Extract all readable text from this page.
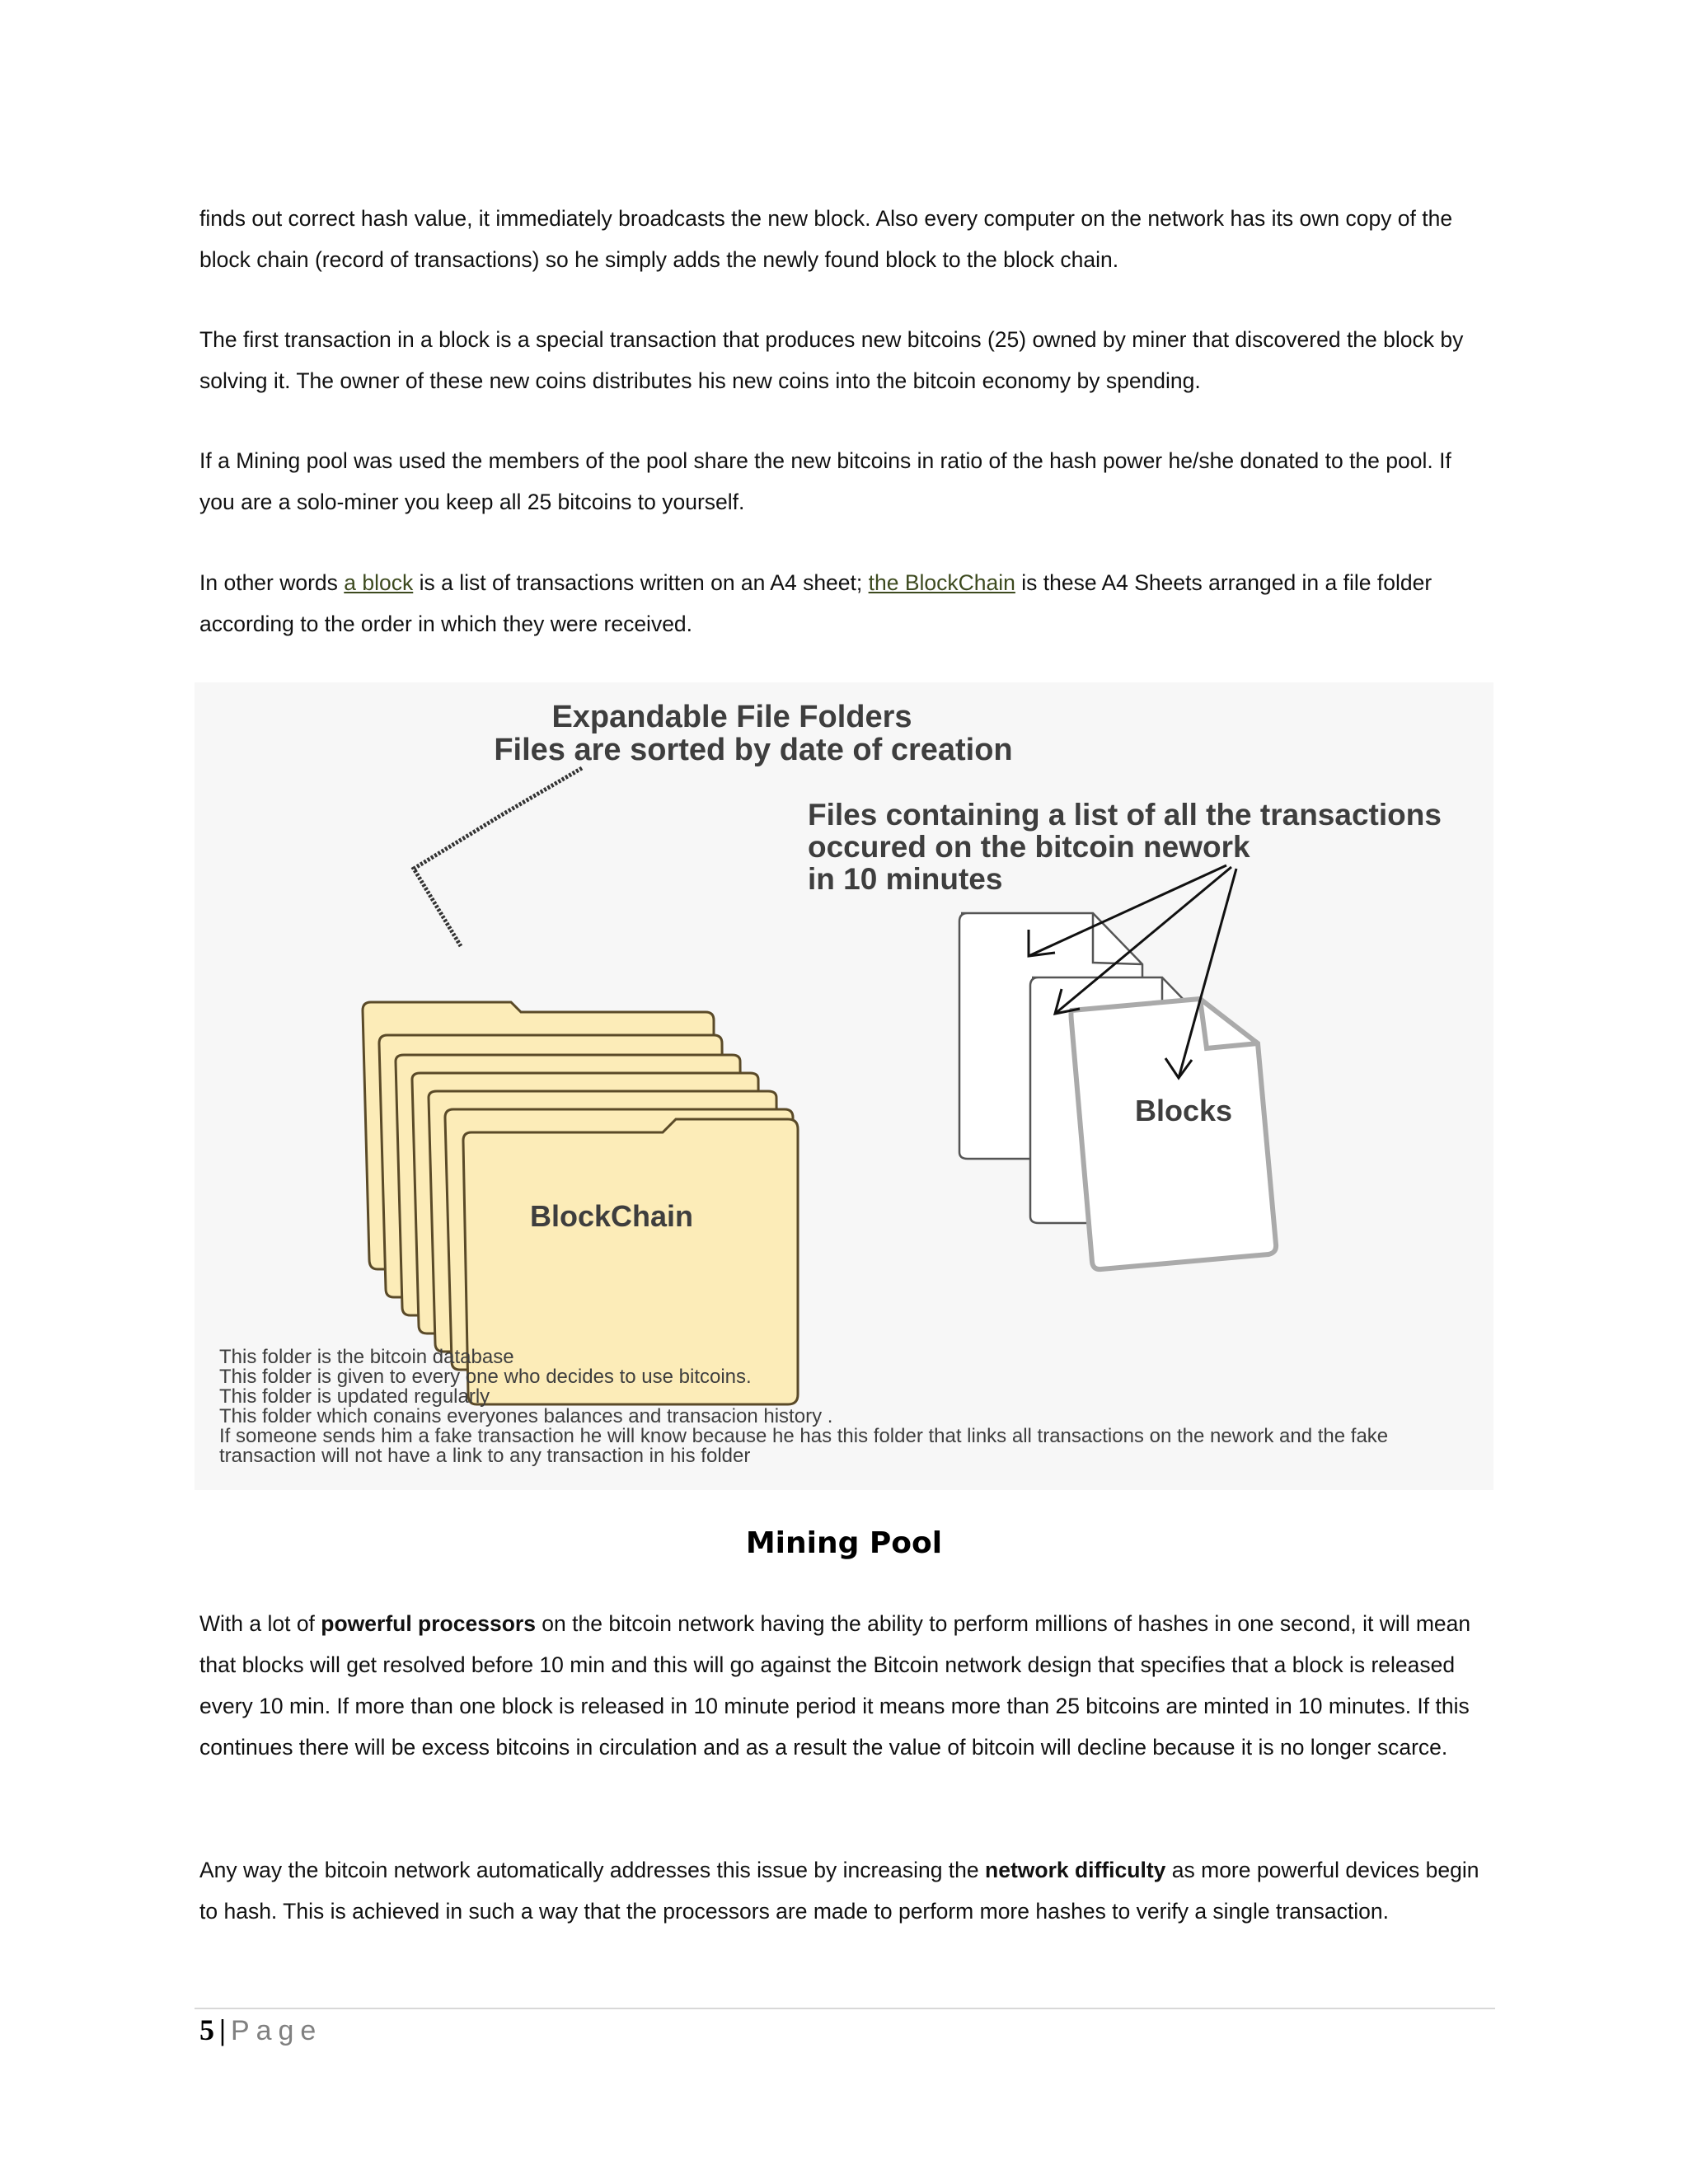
finds out correct hash value, it immediately broadcasts the new block. Also every computer on the network has its own copy of the block chain (record of transactions) so he simply adds the newly found block to the block chain.

The first transaction in a block is a special transaction that produces new bitcoins (25) owned by miner that discovered the block by solving it. The owner of these new coins distributes his new coins into the bitcoin economy by spending.

If a Mining pool was used the members of the pool share the new bitcoins in ratio of the hash power he/she donated to the pool. If you are a solo-miner you keep all 25 bitcoins to yourself.

In other words a block is a list of transactions written on an A4 sheet; the BlockChain is these A4 Sheets arranged in a file folder according to the order in which they were received.

Expandable File Folders
Files are sorted by date of creation
Files containing a list of all the transactions
occured on the bitcoin nework
in 10 minutes
BlockChain
Blocks
This folder is the bitcoin database
This folder is given to every one who decides to use bitcoins.
This folder is updated regularly
This folder which conains everyones balances and transacion history .
If someone sends him a fake transaction he will know because he has this folder that links all transactions on the nework and the fake
transaction will not have a link to any transaction in his folder
Mining Pool

With a lot of powerful processors on the bitcoin network having the ability to perform millions of hashes in one second, it will mean that blocks will get resolved before 10 min and this will go against the Bitcoin network design that specifies that a block is released every 10 min. If more than one block is released in 10 minute period it means more than 25 bitcoins are minted in 10 minutes. If this continues there will be excess bitcoins in circulation and as a result the value of bitcoin will decline because it is no longer scarce.

Any way the bitcoin network automatically addresses this issue by increasing the network difficulty as more powerful devices begin to hash. This is achieved in such a way that the processors are made to perform more hashes to verify a single transaction.

5 | Page
